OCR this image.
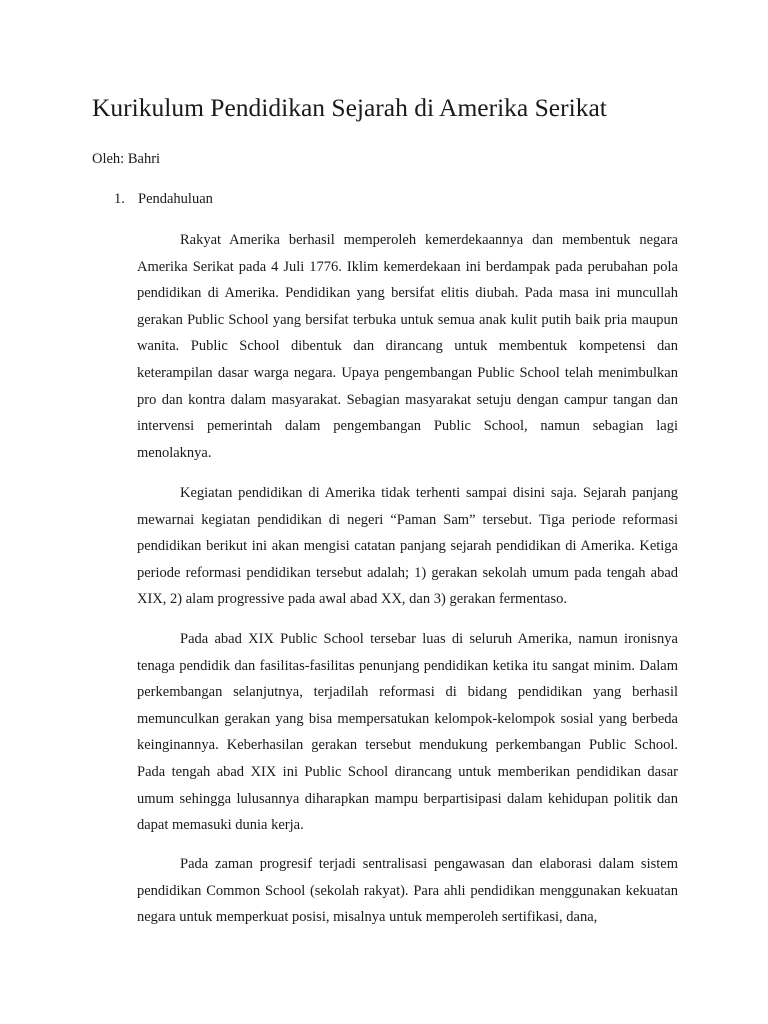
Kurikulum Pendidikan Sejarah di Amerika Serikat

Oleh: Bahri

1. Pendahuluan

Rakyat Amerika berhasil memperoleh kemerdekaannya dan membentuk negara Amerika Serikat pada 4 Juli 1776. Iklim kemerdekaan ini berdampak pada perubahan pola pendidikan di Amerika. Pendidikan yang bersifat elitis diubah. Pada masa ini muncullah gerakan Public School yang bersifat terbuka untuk semua anak kulit putih baik pria maupun wanita. Public School dibentuk dan dirancang untuk membentuk kompetensi dan keterampilan dasar warga negara. Upaya pengembangan Public School telah menimbulkan pro dan kontra dalam masyarakat. Sebagian masyarakat setuju dengan campur tangan dan intervensi pemerintah dalam pengembangan Public School, namun sebagian lagi menolaknya.

Kegiatan pendidikan di Amerika tidak terhenti sampai disini saja. Sejarah panjang mewarnai kegiatan pendidikan di negeri “Paman Sam” tersebut. Tiga periode reformasi pendidikan berikut ini akan mengisi catatan panjang sejarah pendidikan di Amerika. Ketiga periode reformasi pendidikan tersebut adalah; 1) gerakan sekolah umum pada tengah abad XIX, 2) alam progressive pada awal abad XX, dan 3) gerakan fermentaso.

Pada abad XIX Public School tersebar luas di seluruh Amerika, namun ironisnya tenaga pendidik dan fasilitas-fasilitas penunjang pendidikan ketika itu sangat minim. Dalam perkembangan selanjutnya, terjadilah reformasi di bidang pendidikan yang berhasil memunculkan gerakan yang bisa mempersatukan kelompok-kelompok sosial yang berbeda keinginannya. Keberhasilan gerakan tersebut mendukung perkembangan Public School. Pada tengah abad XIX ini Public School dirancang untuk memberikan pendidikan dasar umum sehingga lulusannya diharapkan mampu berpartisipasi dalam kehidupan politik dan dapat memasuki dunia kerja.

Pada zaman progresif terjadi sentralisasi pengawasan dan elaborasi dalam sistem pendidikan Common School (sekolah rakyat). Para ahli pendidikan menggunakan kekuatan negara untuk memperkuat posisi, misalnya untuk memperoleh sertifikasi, dana,
